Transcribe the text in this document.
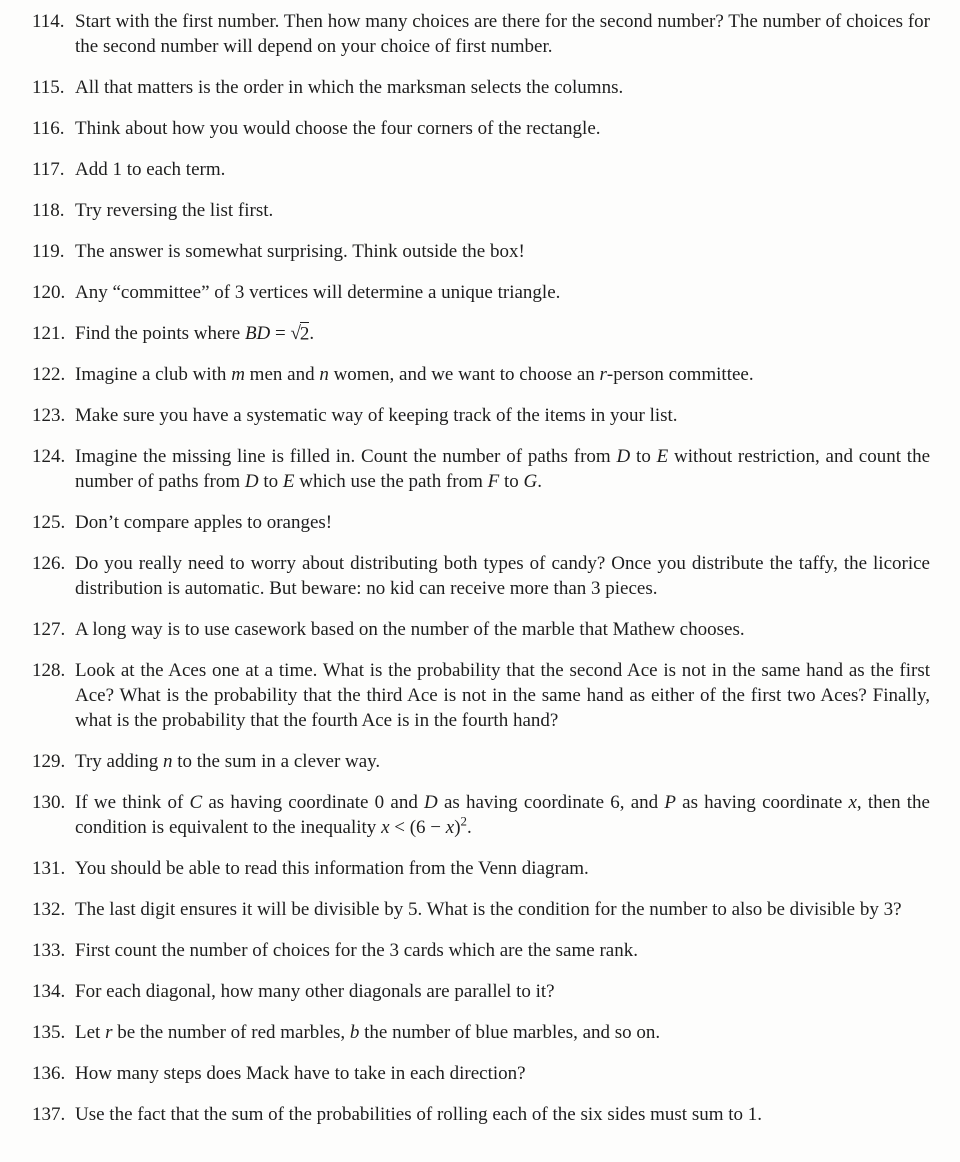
114. Start with the first number. Then how many choices are there for the second number? The number of choices for the second number will depend on your choice of first number.
115. All that matters is the order in which the marksman selects the columns.
116. Think about how you would choose the four corners of the rectangle.
117. Add 1 to each term.
118. Try reversing the list first.
119. The answer is somewhat surprising. Think outside the box!
120. Any “committee” of 3 vertices will determine a unique triangle.
121. Find the points where BD = √2.
122. Imagine a club with m men and n women, and we want to choose an r-person committee.
123. Make sure you have a systematic way of keeping track of the items in your list.
124. Imagine the missing line is filled in. Count the number of paths from D to E without restriction, and count the number of paths from D to E which use the path from F to G.
125. Don’t compare apples to oranges!
126. Do you really need to worry about distributing both types of candy? Once you distribute the taffy, the licorice distribution is automatic. But beware: no kid can receive more than 3 pieces.
127. A long way is to use casework based on the number of the marble that Mathew chooses.
128. Look at the Aces one at a time. What is the probability that the second Ace is not in the same hand as the first Ace? What is the probability that the third Ace is not in the same hand as either of the first two Aces? Finally, what is the probability that the fourth Ace is in the fourth hand?
129. Try adding n to the sum in a clever way.
130. If we think of C as having coordinate 0 and D as having coordinate 6, and P as having coordinate x, then the condition is equivalent to the inequality $x < (6 - x)^2$.
131. You should be able to read this information from the Venn diagram.
132. The last digit ensures it will be divisible by 5. What is the condition for the number to also be divisible by 3?
133. First count the number of choices for the 3 cards which are the same rank.
134. For each diagonal, how many other diagonals are parallel to it?
135. Let r be the number of red marbles, b the number of blue marbles, and so on.
136. How many steps does Mack have to take in each direction?
137. Use the fact that the sum of the probabilities of rolling each of the six sides must sum to 1.
